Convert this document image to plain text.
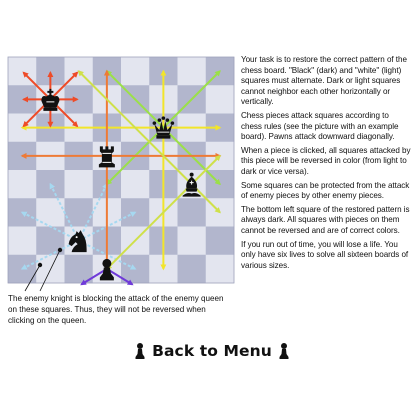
Your task is to restore the correct pattern of the chess board. "Black" (dark) and "white" (light) squares must alternate. Dark or light squares cannot neighbor each other horizontally or vertically.

Chess pieces attack squares according to chess rules (see the picture with an example board). Pawns attack downward diagonally.

When a piece is clicked, all squares attacked by this piece will be reversed in color (from light to dark or vice versa).

Some squares can be protected from the attack of enemy pieces by other enemy pieces.

The bottom left square of the restored pattern is always dark. All squares with pieces on them cannot be reversed and are of correct colors.

If you run out of time, you will lose a life. You only have six lives to solve all sixteen boards of various sizes.

The enemy knight is blocking the attack of the enemy queen on these squares. Thus, they will not be reversed when clicking on the queen.
Back to Menu
